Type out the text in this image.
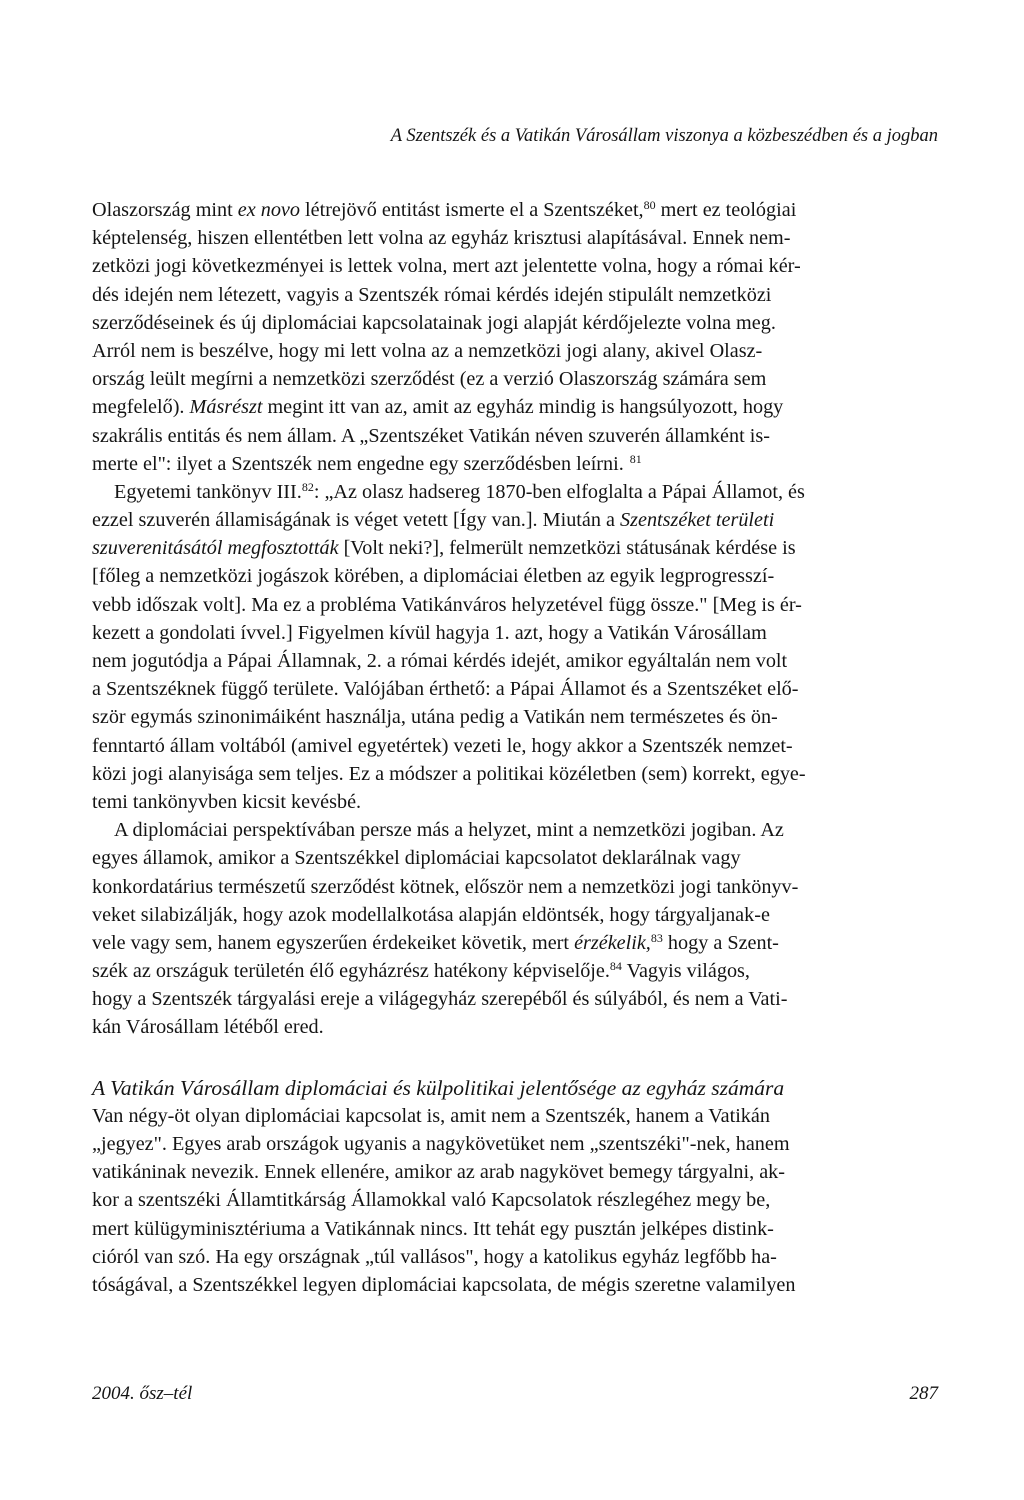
A Szentszék és a Vatikán Városállam viszonya a közbeszédben és a jogban
Olaszország mint ex novo létrejövő entitást ismerte el a Szentszéket,$^{80}$ mert ez teológiai
képtelenség, hiszen ellentétben lett volna az egyház krisztusi alapításával. Ennek nem-
zetközi jogi következményei is lettek volna, mert azt jelentette volna, hogy a római kér-
dés idején nem létezett, vagyis a Szentszék római kérdés idején stipulált nemzetközi
szerződéseinek és új diplomáciai kapcsolatainak jogi alapját kérdőjelezte volna meg.
Arról nem is beszélve, hogy mi lett volna az a nemzetközi jogi alany, akivel Olasz-
ország leült megírni a nemzetközi szerződést (ez a verzió Olaszország számára sem
megfelelő). Másrészt megint itt van az, amit az egyház mindig is hangsúlyozott, hogy
szakrális entitás és nem állam. A „Szentszéket Vatikán néven szuverén államként is-
merte el": ilyet a Szentszék nem engedne egy szerződésben leírni. $^{81}$
Egyetemi tankönyv III.$^{82}$: „Az olasz hadsereg 1870-ben elfoglalta a Pápai Államot, és
ezzel szuverén államiságának is véget vetett [Így van.]. Miután a Szentszéket területi
szuverenitásától megfosztották [Volt neki?], felmerült nemzetközi státusának kérdése is
[főleg a nemzetközi jogászok körében, a diplomáciai életben az egyik legprogresszí-
vebb időszak volt]. Ma ez a probléma Vatikánváros helyzetével függ össze." [Meg is ér-
kezett a gondolati ívvel.] Figyelmen kívül hagyja 1. azt, hogy a Vatikán Városállam
nem jogutódja a Pápai Államnak, 2. a római kérdés idejét, amikor egyáltalán nem volt
a Szentszéknek függő területe. Valójában érthető: a Pápai Államot és a Szentszéket elő-
ször egymás szinonimáiként használja, utána pedig a Vatikán nem természetes és ön-
fenntartó állam voltából (amivel egyetértek) vezeti le, hogy akkor a Szentszék nemzet-
közi jogi alanyisága sem teljes. Ez a módszer a politikai közéletben (sem) korrekt, egye-
temi tankönyvben kicsit kevésbé.
A diplomáciai perspektívában persze más a helyzet, mint a nemzetközi jogiban. Az
egyes államok, amikor a Szentszékkel diplomáciai kapcsolatot deklarálnak vagy
konkordatárius természetű szerződést kötnek, először nem a nemzetközi jogi tankönyv-
veket silabizálják, hogy azok modellalkotása alapján eldöntsék, hogy tárgyaljanak-e
vele vagy sem, hanem egyszerűen érdekeiket követik, mert érzékelik,$^{83}$ hogy a Szent-
szék az országuk területén élő egyházrész hatékony képviselője.$^{84}$ Vagyis világos,
hogy a Szentszék tárgyalási ereje a világegyház szerepéből és súlyából, és nem a Vati-
kán Városállam létéből ered.
A Vatikán Városállam diplomáciai és külpolitikai jelentősége az egyház számára
Van négy-öt olyan diplomáciai kapcsolat is, amit nem a Szentszék, hanem a Vatikán
„jegyez". Egyes arab országok ugyanis a nagykövetüket nem „szentszéki"-nek, hanem
vatikáninak nevezik. Ennek ellenére, amikor az arab nagykövet bemegy tárgyalni, ak-
kor a szentszéki Államtitkárság Államokkal való Kapcsolatok részlegéhez megy be,
mert külügyminisztériuma a Vatikánnak nincs. Itt tehát egy pusztán jelképes distink-
cióról van szó. Ha egy országnak „túl vallásos", hogy a katolikus egyház legfőbb ha-
tóságával, a Szentszékkel legyen diplomáciai kapcsolata, de mégis szeretne valamilyen
2004. ősz–tél	287
